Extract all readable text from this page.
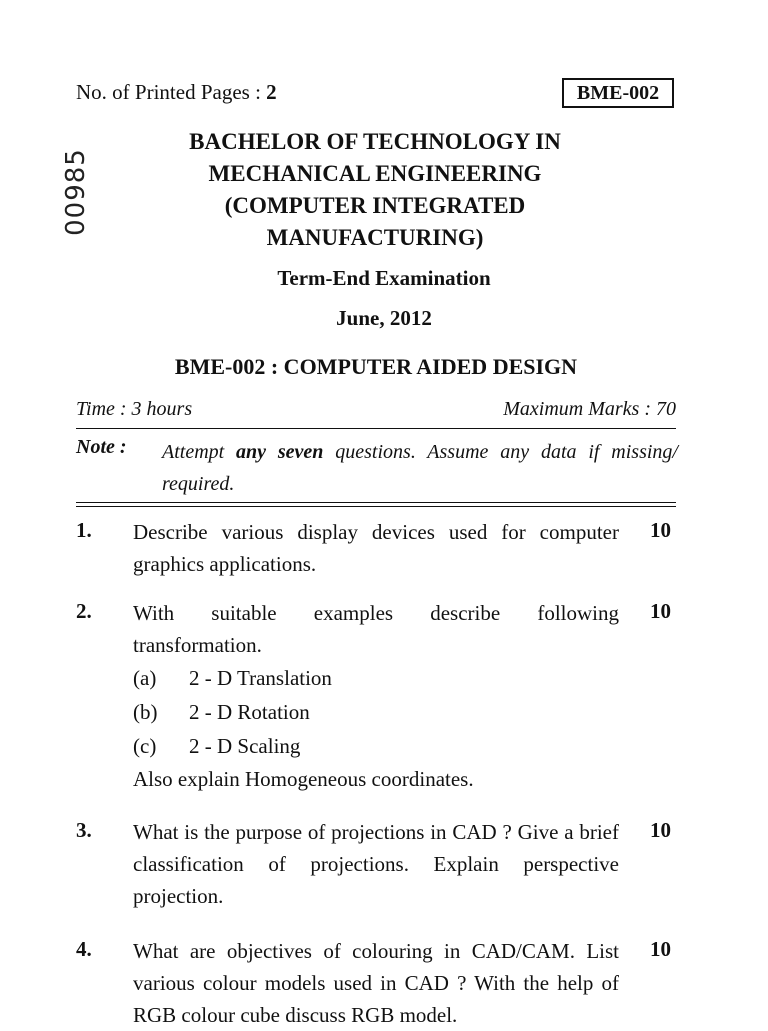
No. of Printed Pages : 2	BME-002
00985
BACHELOR OF TECHNOLOGY IN
MECHANICAL ENGINEERING
(COMPUTER INTEGRATED
MANUFACTURING)
Term-End Examination
June, 2012
BME-002 : COMPUTER AIDED DESIGN
Time : 3 hours	Maximum Marks : 70
Note : Attempt any seven questions. Assume any data if missing/ required.
1. Describe various display devices used for computer graphics applications.
10
2. With suitable examples describe following transformation.
(a)	2 - D Translation
(b)	2 - D Rotation
(c)	2 - D Scaling
Also explain Homogeneous coordinates.
10
3. What is the purpose of projections in CAD ? Give a brief classification of projections. Explain perspective projection.
10
4. What are objectives of colouring in CAD/CAM. List various colour models used in CAD ? With the help of RGB colour cube discuss RGB model.
10
